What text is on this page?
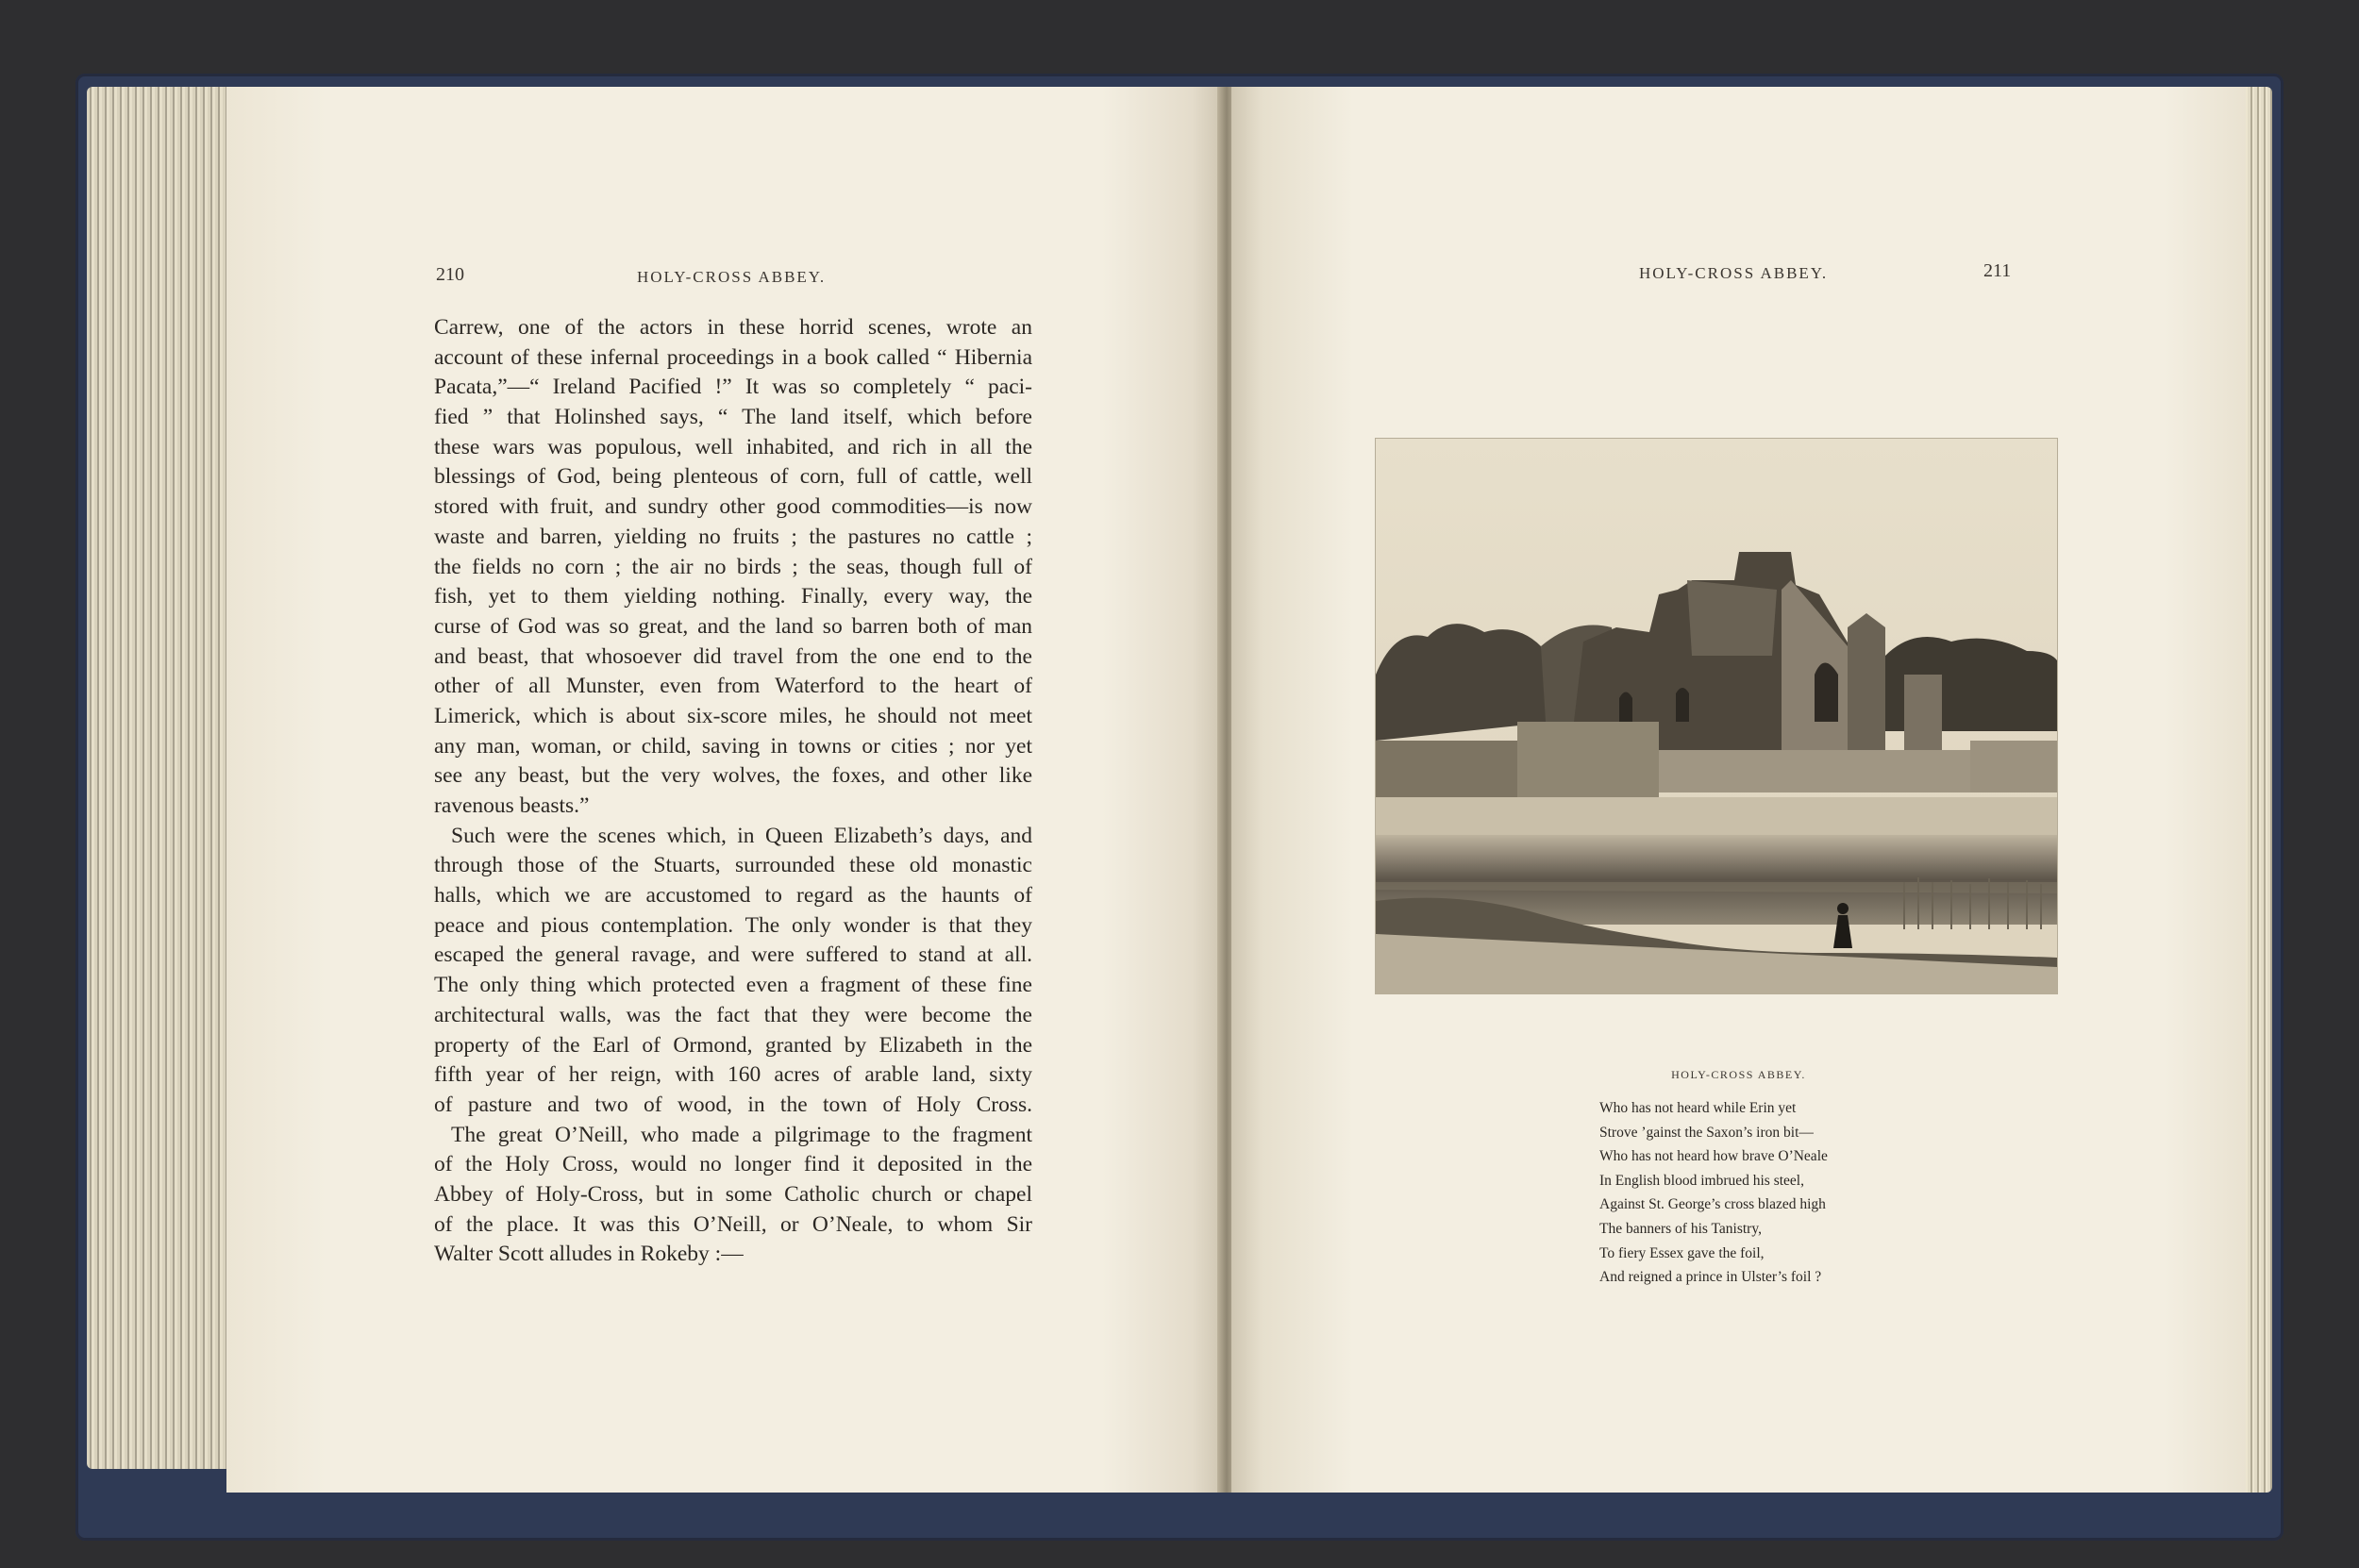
210	HOLY-CROSS ABBEY.
Carrew, one of the actors in these horrid scenes, wrote an
account of these infernal proceedings in a book called “ Hibernia
Pacata,”—“ Ireland Pacified !” It was so completely “ paci-
fied ” that Holinshed says, “ The land itself, which before
these wars was populous, well inhabited, and rich in all the
blessings of God, being plenteous of corn, full of cattle, well
stored with fruit, and sundry other good commodities—is now
waste and barren, yielding no fruits ; the pastures no cattle ;
the fields no corn ; the air no birds ; the seas, though full of
fish, yet to them yielding nothing. Finally, every way, the
curse of God was so great, and the land so barren both of man
and beast, that whosoever did travel from the one end to the
other of all Munster, even from Waterford to the heart of
Limerick, which is about six-score miles, he should not meet
any man, woman, or child, saving in towns or cities ; nor yet
see any beast, but the very wolves, the foxes, and other like
ravenous beasts.”
Such were the scenes which, in Queen Elizabeth’s days, and
through those of the Stuarts, surrounded these old monastic
halls, which we are accustomed to regard as the haunts of
peace and pious contemplation. The only wonder is that they
escaped the general ravage, and were suffered to stand at all.
The only thing which protected even a fragment of these fine
architectural walls, was the fact that they were become the
property of the Earl of Ormond, granted by Elizabeth in the
fifth year of her reign, with 160 acres of arable land, sixty
of pasture and two of wood, in the town of Holy Cross.
The great O’Neill, who made a pilgrimage to the fragment
of the Holy Cross, would no longer find it deposited in the
Abbey of Holy-Cross, but in some Catholic church or chapel
of the place. It was this O’Neill, or O’Neale, to whom Sir
Walter Scott alludes in Rokeby :—
HOLY-CROSS ABBEY.	211
HOLY-CROSS ABBEY.
Who has not heard while Erin yet
Strove ’gainst the Saxon’s iron bit—
Who has not heard how brave O’Neale
In English blood imbrued his steel,
Against St. George’s cross blazed high
The banners of his Tanistry,
To fiery Essex gave the foil,
And reigned a prince in Ulster’s foil ?
